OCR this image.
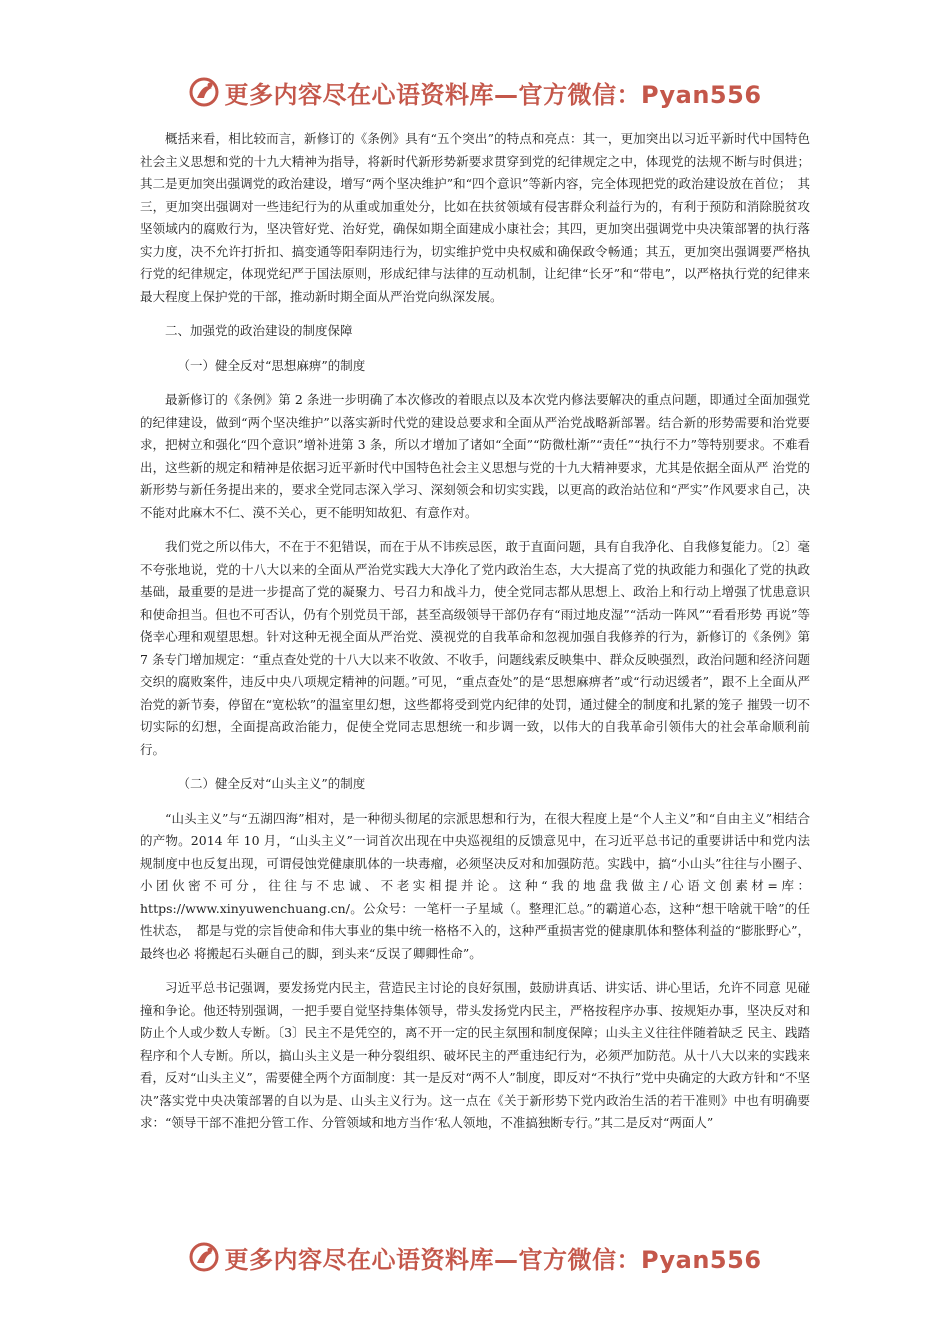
更多内容尽在心语资料库—官方微信：Pyan556

概括来看，相比较而言，新修订的《条例》具有“五个突出”的特点和亮点：其一，更加突出以习近平新时代中国特色社会主义思想和党的十九大精神为指导，将新时代新形势新要求贯穿到党的纪律规定之中，体现党的法规不断与时俱进；其二是更加突出强调党的政治建设，增写“两个坚决维护”和“四个意识”等新内容，完全体现把党的政治建设放在首位；　其三，更加突出强调对一些违纪行为的从重或加重处分，比如在扶贫领域有侵害群众利益行为的，有利于预防和消除脱贫攻坚领域内的腐败行为，坚决管好党、治好党，确保如期全面建成小康社会；其四，更加突出强调党中央决策部署的执行落实力度，决不允许打折扣、搞变通等阳奉阴违行为，切实维护党中央权威和确保政令畅通；其五，更加突出强调要严格执行党的纪律规定，体现党纪严于国法原则，形成纪律与法律的互动机制，让纪律“长牙”和“带电”，以严格执行党的纪律来最大程度上保护党的干部，推动新时期全面从严治党向纵深发展。

二、加强党的政治建设的制度保障

（一）健全反对“思想麻痹”的制度

最新修订的《条例》第 2 条进一步明确了本次修改的着眼点以及本次党内修法要解决的重点问题，即通过全面加强党的纪律建设，做到“两个坚决维护”以落实新时代党的建设总要求和全面从严治党战略新部署。结合新的形势需要和治党要求，把树立和强化“四个意识”增补进第 3 条，所以才增加了诸如“全面”“防微杜渐”“责任”“执行不力”等特别要求。不难看出，这些新的规定和精神是依据习近平新时代中国特色社会主义思想与党的十九大精神要求，尤其是依据全面从严 治党的新形势与新任务提出来的，要求全党同志深入学习、深刻领会和切实实践，以更高的政治站位和“严实”作风要求自己，决不能对此麻木不仁、漠不关心，更不能明知故犯、有意作对。

我们党之所以伟大，不在于不犯错误，而在于从不讳疾忌医，敢于直面问题，具有自我净化、自我修复能力。〔2〕毫不夸张地说，党的十八大以来的全面从严治党实践大大净化了党内政治生态，大大提高了党的执政能力和强化了党的执政基础，最重要的是进一步提高了党的凝聚力、号召力和战斗力，使全党同志都从思想上、政治上和行动上增强了忧患意识和使命担当。但也不可否认，仍有个别党员干部，甚至高级领导干部仍存有“雨过地皮湿”“活动一阵风”“看看形势 再说”等侥幸心理和观望思想。针对这种无视全面从严治党、漠视党的自我革命和忽视加强自我修养的行为，新修订的《条例》第 7 条专门增加规定：“重点查处党的十八大以来不收敛、不收手，问题线索反映集中、群众反映强烈，政治问题和经济问题交织的腐败案件，违反中央八项规定精神的问题。”可见，“重点查处”的是“思想麻痹者”或“行动迟缓者”，跟不上全面从严治党的新节奏，停留在“宽松软”的温室里幻想，这些都将受到党内纪律的处罚，通过健全的制度和扎紧的笼子 摧毁一切不切实际的幻想，全面提高政治能力，促使全党同志思想统一和步调一致，以伟大的自我革命引领伟大的社会革命顺利前行。

（二）健全反对“山头主义”的制度

“山头主义”与“五湖四海”相对，是一种彻头彻尾的宗派思想和行为，在很大程度上是“个人主义”和“自由主义”相结合的产物。2014 年 10 月，“山头主义”一词首次出现在中央巡视组的反馈意见中，在习近平总书记的重要讲话中和党内法规制度中也反复出现，可谓侵蚀党健康肌体的一块毒瘤，必须坚决反对和加强防范。实践中，搞“小山头”往往与小圈子、小团伙密不可分，往往与不忠诚、不老实相提并论。这种“我的地盘我做主/心语文创素材=库：https://www.xinyuwenchuang.cn/。公众号：一笔杆一子星域（。整理汇总。”的霸道心态，这种“想干啥就干啥”的任性状态，　都是与党的宗旨使命和伟大事业的集中统一格格不入的，这种严重损害党的健康肌体和整体利益的“膨胀野心”，最终也必 将搬起石头砸自己的脚，到头来“反误了卿卿性命”。

习近平总书记强调，要发扬党内民主，营造民主讨论的良好氛围，鼓励讲真话、讲实话、讲心里话，允许不同意 见碰撞和争论。他还特别强调，一把手要自觉坚持集体领导，带头发扬党内民主，严格按程序办事、按规矩办事，坚决反对和防止个人或少数人专断。〔3〕民主不是凭空的，离不开一定的民主氛围和制度保障；山头主义往往伴随着缺乏 民主、践踏程序和个人专断。所以，搞山头主义是一种分裂组织、破坏民主的严重违纪行为，必须严加防范。从十八大以来的实践来看，反对“山头主义”，需要健全两个方面制度：其一是反对“两不人”制度，即反对“不执行”党中央确定的大政方针和“不坚决”落实党中央决策部署的自以为是、山头主义行为。这一点在《关于新形势下党内政治生活的若干准则》中也有明确要求：“领导干部不准把分管工作、分管领域和地方当作‘私人领地，不准搞独断专行。”其二是反对“两面人”

更多内容尽在心语资料库—官方微信：Pyan556
